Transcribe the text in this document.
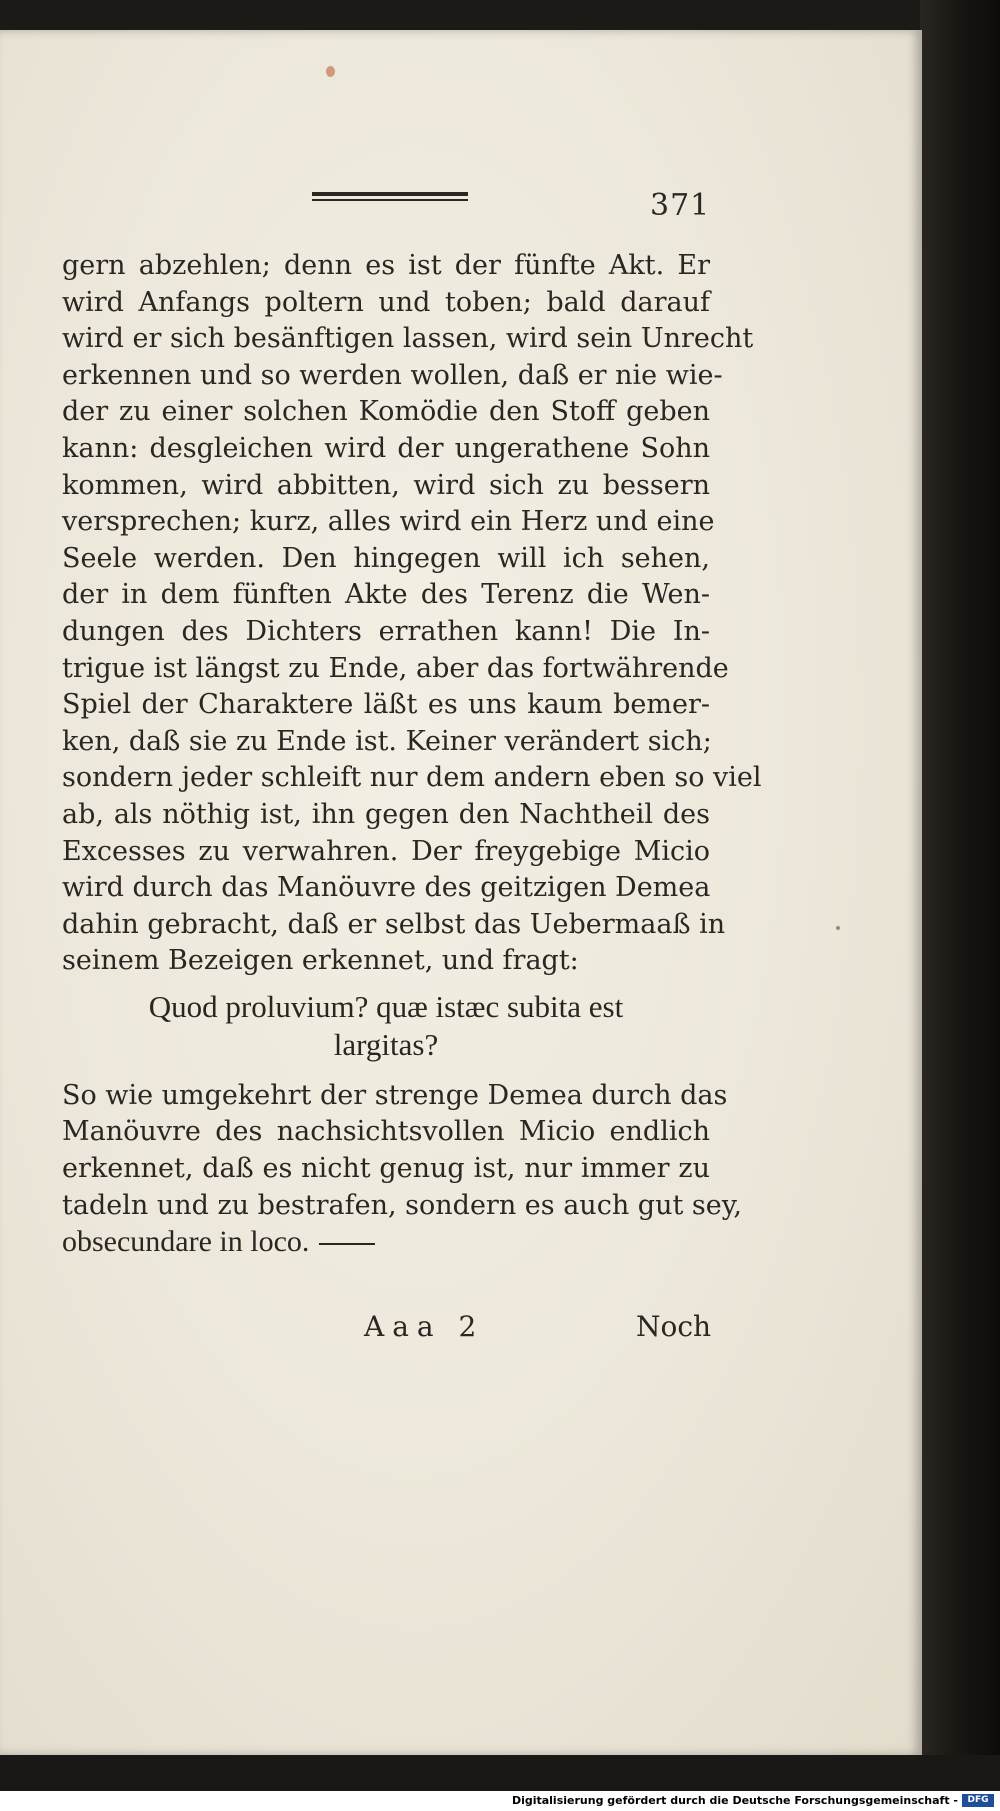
371
gern abzehlen; denn es ist der fünfte Akt. Er
wird Anfangs poltern und toben; bald darauf
wird er sich besänftigen lassen, wird sein Unrecht
erkennen und so werden wollen, daß er nie wie-
der zu einer solchen Komödie den Stoff geben
kann: desgleichen wird der ungerathene Sohn
kommen, wird abbitten, wird sich zu bessern
versprechen; kurz, alles wird ein Herz und eine
Seele werden. Den hingegen will ich sehen,
der in dem fünften Akte des Terenz die Wen-
dungen des Dichters errathen kann! Die In-
trigue ist längst zu Ende, aber das fortwährende
Spiel der Charaktere läßt es uns kaum bemer-
ken, daß sie zu Ende ist. Keiner verändert sich;
sondern jeder schleift nur dem andern eben so viel
ab, als nöthig ist, ihn gegen den Nachtheil des
Excesses zu verwahren. Der freygebige Micio
wird durch das Manöuvre des geitzigen Demea
dahin gebracht, daß er selbst das Uebermaaß in
seinem Bezeigen erkennet, und fragt:
Quod proluvium? quæ istæc subita est
largitas?
So wie umgekehrt der strenge Demea durch das
Manöuvre des nachsichtsvollen Micio endlich
erkennet, daß es nicht genug ist, nur immer zu
tadeln und zu bestrafen, sondern es auch gut sey,
obsecundare in loco.
Aaa 2	Noch
Digitalisierung gefördert durch die Deutsche Forschungsgemeinschaft -	DFG
